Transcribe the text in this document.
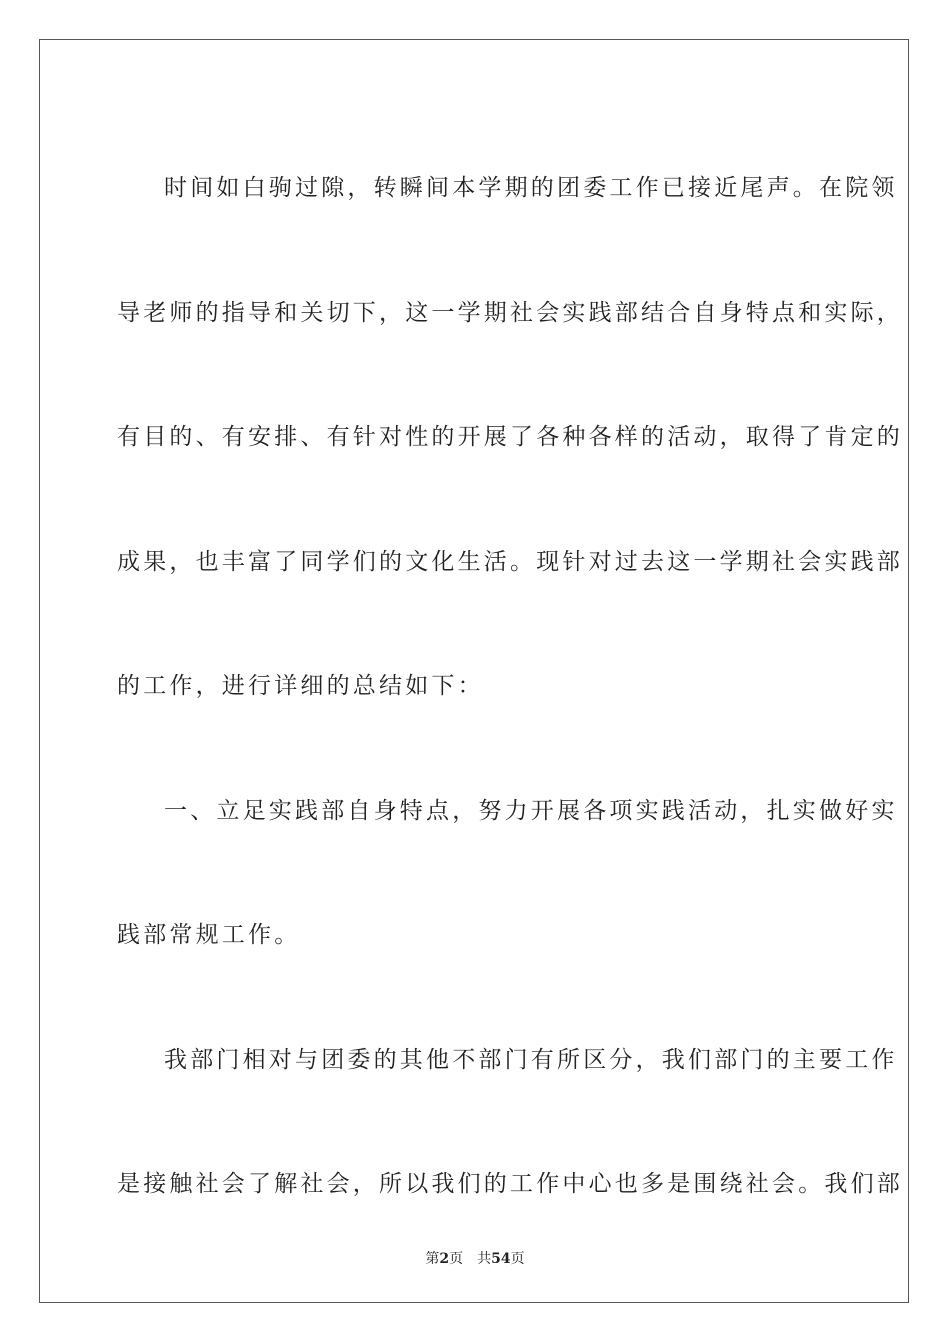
时间如白驹过隙，转瞬间本学期的团委工作已接近尾声。在院领
导老师的指导和关切下，这一学期社会实践部结合自身特点和实际，
有目的、有安排、有针对性的开展了各种各样的活动，取得了肯定的
成果，也丰富了同学们的文化生活。现针对过去这一学期社会实践部
的工作，进行详细的总结如下：

一、立足实践部自身特点，努力开展各项实践活动，扎实做好实
践部常规工作。

我部门相对与团委的其他不部门有所区分，我们部门的主要工作
是接触社会了解社会，所以我们的工作中心也多是围绕社会。我们部

第2页 共54页
